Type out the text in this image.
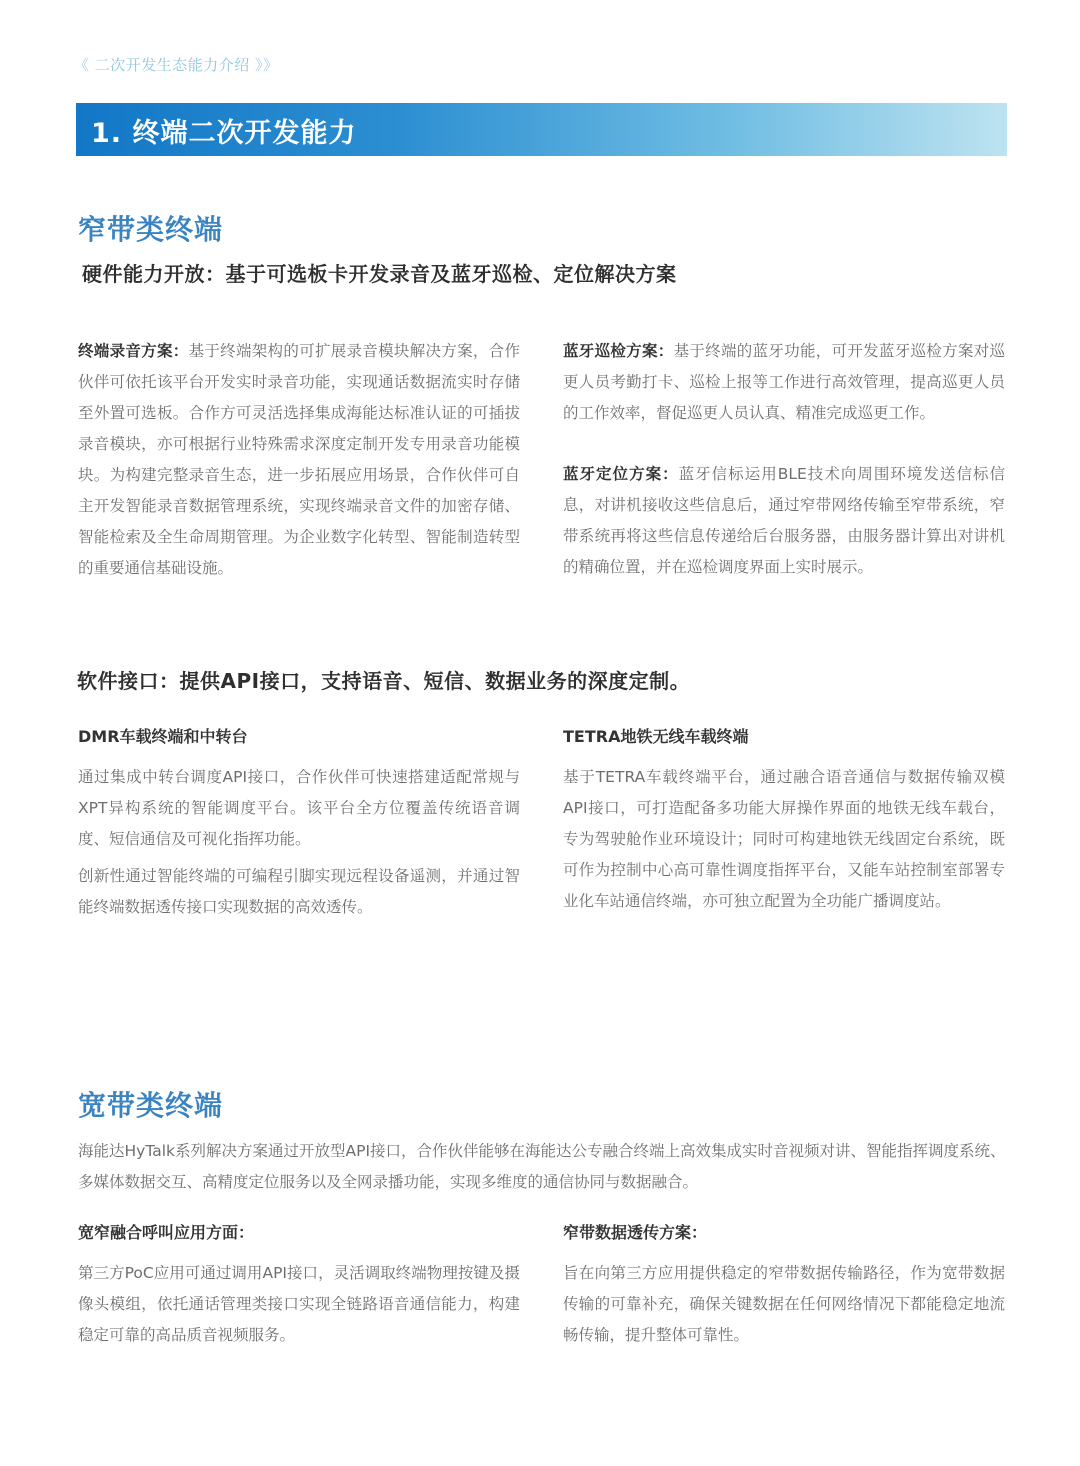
《 二次开发生态能力介绍 》》
1. 终端二次开发能力
窄带类终端
硬件能力开放：基于可选板卡开发录音及蓝牙巡检、定位解决方案

终端录音方案：基于终端架构的可扩展录音模块解决方案，合作伙伴可依托该平台开发实时录音功能，实现通话数据流实时存储至外置可选板。合作方可灵活选择集成海能达标准认证的可插拔录音模块，亦可根据行业特殊需求深度定制开发专用录音功能模块。为构建完整录音生态，进一步拓展应用场景，合作伙伴可自主开发智能录音数据管理系统，实现终端录音文件的加密存储、智能检索及全生命周期管理。为企业数字化转型、智能制造转型的重要通信基础设施。

蓝牙巡检方案：基于终端的蓝牙功能，可开发蓝牙巡检方案对巡更人员考勤打卡、巡检上报等工作进行高效管理，提高巡更人员的工作效率，督促巡更人员认真、精准完成巡更工作。

蓝牙定位方案：蓝牙信标运用BLE技术向周围环境发送信标信息，对讲机接收这些信息后，通过窄带网络传输至窄带系统，窄带系统再将这些信息传递给后台服务器，由服务器计算出对讲机的精确位置，并在巡检调度界面上实时展示。

软件接口：提供API接口，支持语音、短信、数据业务的深度定制。
DMR车载终端和中转台

通过集成中转台调度API接口，合作伙伴可快速搭建适配常规与XPT异构系统的智能调度平台。该平台全方位覆盖传统语音调度、短信通信及可视化指挥功能。

创新性通过智能终端的可编程引脚实现远程设备遥测，并通过智能终端数据透传接口实现数据的高效透传。

TETRA地铁无线车载终端

基于TETRA车载终端平台，通过融合语音通信与数据传输双模API接口，可打造配备多功能大屏操作界面的地铁无线车载台，专为驾驶舱作业环境设计；同时可构建地铁无线固定台系统，既可作为控制中心高可靠性调度指挥平台，又能车站控制室部署专业化车站通信终端，亦可独立配置为全功能广播调度站。

宽带类终端

海能达HyTalk系列解决方案通过开放型API接口，合作伙伴能够在海能达公专融合终端上高效集成实时音视频对讲、智能指挥调度系统、多媒体数据交互、高精度定位服务以及全网录播功能，实现多维度的通信协同与数据融合。

宽窄融合呼叫应用方面：

第三方PoC应用可通过调用API接口，灵活调取终端物理按键及摄像头模组，依托通话管理类接口实现全链路语音通信能力，构建稳定可靠的高品质音视频服务。

窄带数据透传方案：

旨在向第三方应用提供稳定的窄带数据传输路径，作为宽带数据传输的可靠补充，确保关键数据在任何网络情况下都能稳定地流畅传输，提升整体可靠性。
